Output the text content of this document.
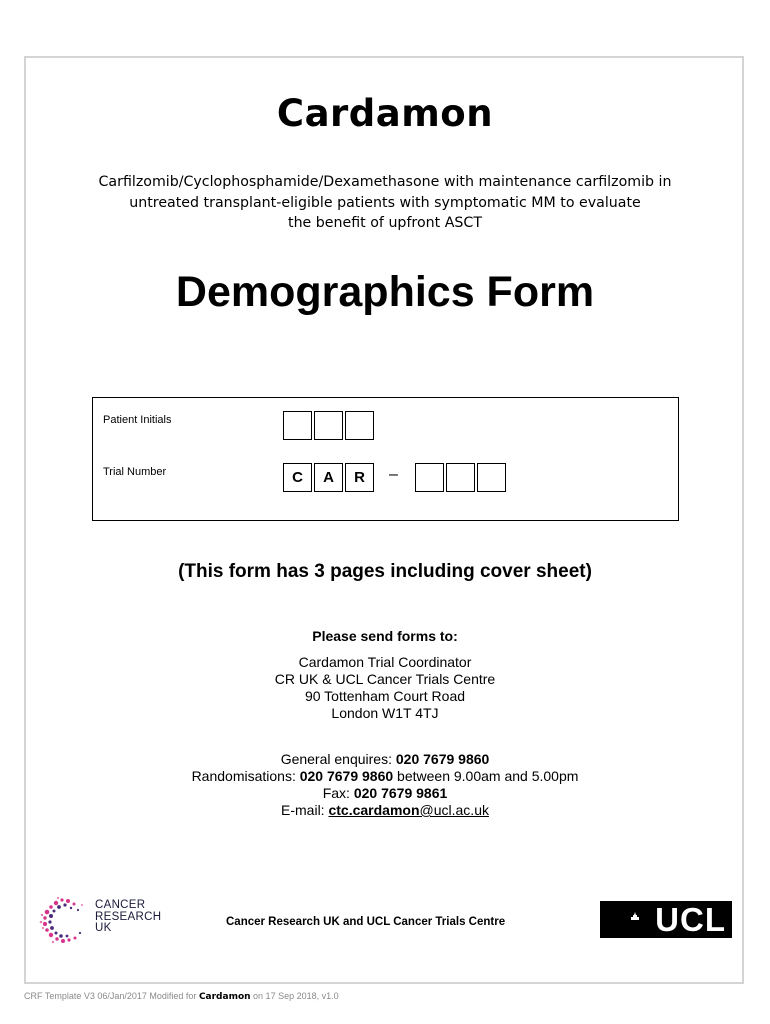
Cardamon
Carfilzomib/Cyclophosphamide/Dexamethasone with maintenance carfilzomib in
untreated transplant-eligible patients with symptomatic MM to evaluate
the benefit of upfront ASCT
Demographics Form
Patient Initials
Trial Number	C	A	R	–
(This form has 3 pages including cover sheet)
Please send forms to:
Cardamon Trial Coordinator
CR UK & UCL Cancer Trials Centre
90 Tottenham Court Road
London W1T 4TJ
General enquires: 020 7679 9860
Randomisations: 020 7679 9860 between 9.00am and 5.00pm
Fax: 020 7679 9861
E-mail: ctc.cardamon@ucl.ac.uk
CANCER
RESEARCH
UK	Cancer Research UK and UCL Cancer Trials Centre	UCL
CRF Template V3 06/Jan/2017 Modified for Cardamon on 17 Sep 2018, v1.0
